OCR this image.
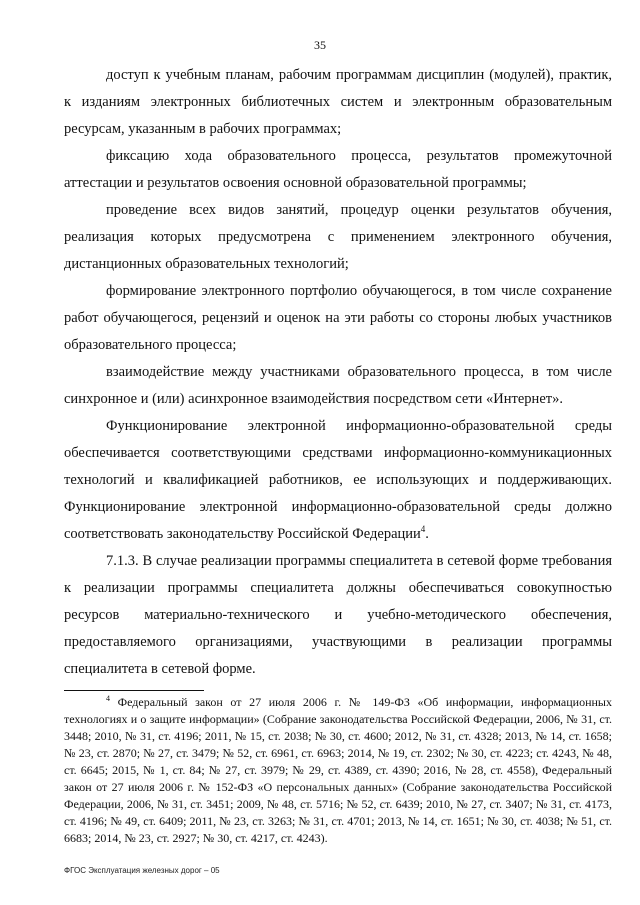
35

доступ к учебным планам, рабочим программам дисциплин (модулей), практик, к изданиям электронных библиотечных систем и электронным образовательным ресурсам, указанным в рабочих программах;

фиксацию хода образовательного процесса, результатов промежуточной аттестации и результатов освоения основной образовательной программы;

проведение всех видов занятий, процедур оценки результатов обучения, реализация которых предусмотрена с применением электронного обучения, дистанционных образовательных технологий;

формирование электронного портфолио обучающегося, в том числе сохранение работ обучающегося, рецензий и оценок на эти работы со стороны любых участников образовательного процесса;

взаимодействие между участниками образовательного процесса, в том числе синхронное и (или) асинхронное взаимодействия посредством сети «Интернет».

Функционирование электронной информационно-образовательной среды обеспечивается соответствующими средствами информационно-коммуникационных технологий и квалификацией работников, ее использующих и поддерживающих. Функционирование электронной информационно-образовательной среды должно соответствовать законодательству Российской Федерации$^4$.

7.1.3. В случае реализации программы специалитета в сетевой форме требования к реализации программы специалитета должны обеспечиваться совокупностью ресурсов материально-технического и учебно-методического обеспечения, предоставляемого организациями, участвующими в реализации программы специалитета в сетевой форме.

$^4$ Федеральный закон от 27 июля 2006 г. № 149-ФЗ «Об информации, информационных технологиях и о защите информации» (Собрание законодательства Российской Федерации, 2006, № 31, ст. 3448; 2010, № 31, ст. 4196; 2011, № 15, ст. 2038; № 30, ст. 4600; 2012, № 31, ст. 4328; 2013, № 14, ст. 1658; № 23, ст. 2870; № 27, ст. 3479; № 52, ст. 6961, ст. 6963; 2014, № 19, ст. 2302; № 30, ст. 4223; ст. 4243, № 48, ст. 6645; 2015, № 1, ст. 84; № 27, ст. 3979; № 29, ст. 4389, ст. 4390; 2016, № 28, ст. 4558), Федеральный закон от 27 июля 2006 г. № 152-ФЗ «О персональных данных» (Собрание законодательства Российской Федерации, 2006, № 31, ст. 3451; 2009, № 48, ст. 5716; № 52, ст. 6439; 2010, № 27, ст. 3407; № 31, ст. 4173, ст. 4196; № 49, ст. 6409; 2011, № 23, ст. 3263; № 31, ст. 4701; 2013, № 14, ст. 1651; № 30, ст. 4038; № 51, ст. 6683; 2014, № 23, ст. 2927; № 30, ст. 4217, ст. 4243).

ФГОС Эксплуатация железных дорог – 05
